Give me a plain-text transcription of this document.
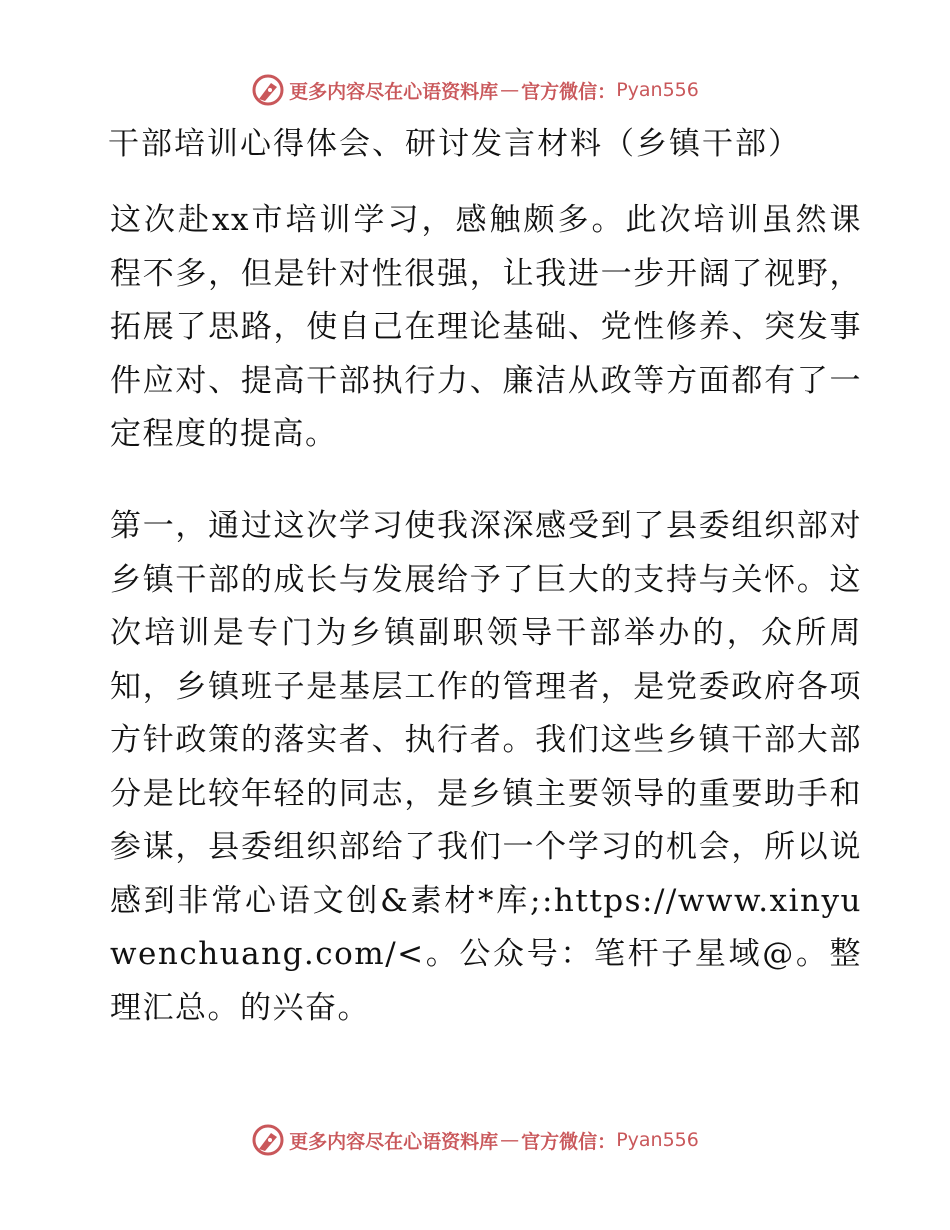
更多内容尽在心语资料库 — 官方微信： Pyan556
干部培训心得体会、研讨发言材料（乡镇干部）

这次赴xx市培训学习，感触颇多。此次培训虽然课程不多，但是针对性很强，让我进一步开阔了视野，拓展了思路，使自己在理论基础、党性修养、突发事件应对、提高干部执行力、廉洁从政等方面都有了一定程度的提高。

第一，通过这次学习使我深深感受到了县委组织部对乡镇干部的成长与发展给予了巨大的支持与关怀。这次培训是专门为乡镇副职领导干部举办的，众所周知，乡镇班子是基层工作的管理者，是党委政府各项方针政策的落实者、执行者。我们这些乡镇干部大部分是比较年轻的同志，是乡镇主要领导的重要助手和参谋，县委组织部给了我们一个学习的机会，所以说感到非常心语文创&素材*库;:https://www.xinyuwenchuang.com/<。公众号：笔杆子星域@。整理汇总。的兴奋。

更多内容尽在心语资料库 — 官方微信： Pyan556
